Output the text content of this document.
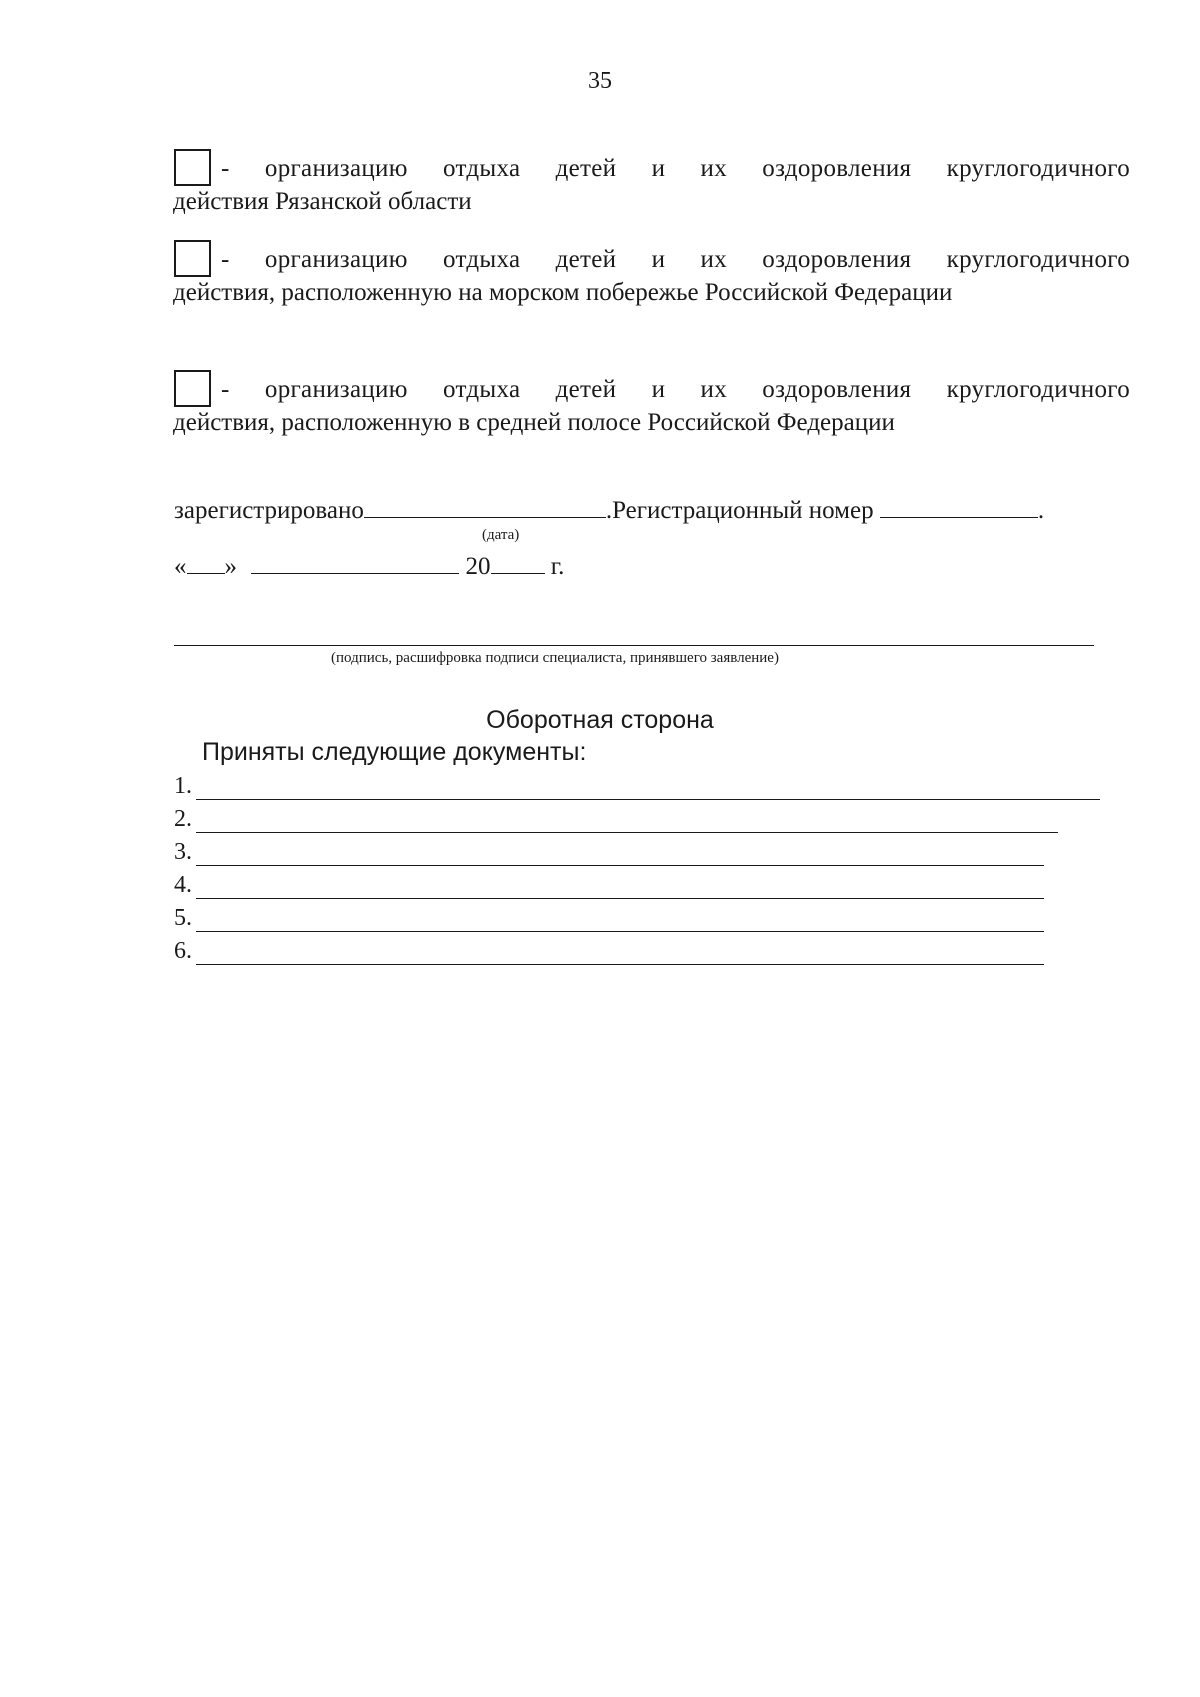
35
- организацию отдыха детей и их оздоровления круглогодичного
действия Рязанской области
- организацию отдыха детей и их оздоровления круглогодичного
действия, расположенную на морском побережье Российской Федерации
- организацию отдыха детей и их оздоровления круглогодичного
действия, расположенную в средней полосе Российской Федерации
зарегистрировано	.Регистрационный номер	.
(дата)
« »	20 г.
(подпись, расшифровка подписи специалиста, принявшего заявление)
Оборотная сторона
Приняты следующие документы:
1.
2.
3.
4.
5.
6.
